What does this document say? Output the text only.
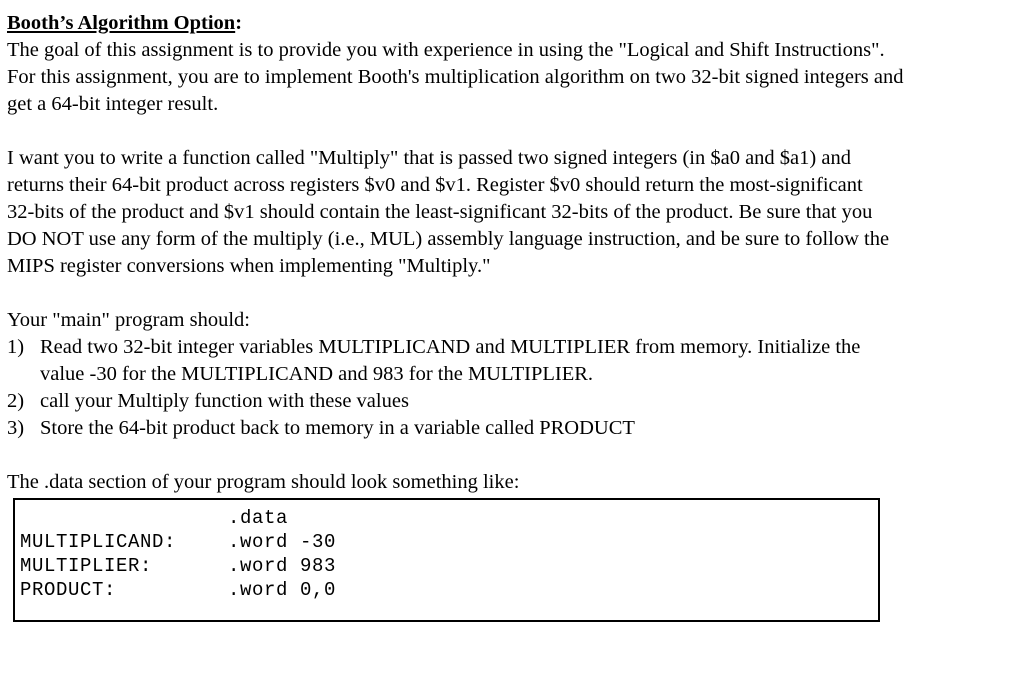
Booth’s Algorithm Option:
The goal of this assignment is to provide you with experience in using the "Logical and Shift Instructions".
For this assignment, you are to implement Booth's multiplication algorithm on two 32-bit signed integers and
get a 64-bit integer result.
I want you to write a function called "Multiply" that is passed two signed integers (in $a0 and $a1) and
returns their 64-bit product across registers $v0 and $v1. Register $v0 should return the most-significant
32-bits of the product and $v1 should contain the least-significant 32-bits of the product. Be sure that you
DO NOT use any form of the multiply (i.e., MUL) assembly language instruction, and be sure to follow the
MIPS register conversions when implementing "Multiply."
Your "main" program should:
1) Read two 32-bit integer variables MULTIPLICAND and MULTIPLIER from memory. Initialize the
value -30 for the MULTIPLICAND and 983 for the MULTIPLIER.
2) call your Multiply function with these values
3) Store the 64-bit product back to memory in a variable called PRODUCT
The .data section of your program should look something like:
.data
MULTIPLICAND:	.word -30
MULTIPLIER:	.word 983
PRODUCT:	.word 0,0
